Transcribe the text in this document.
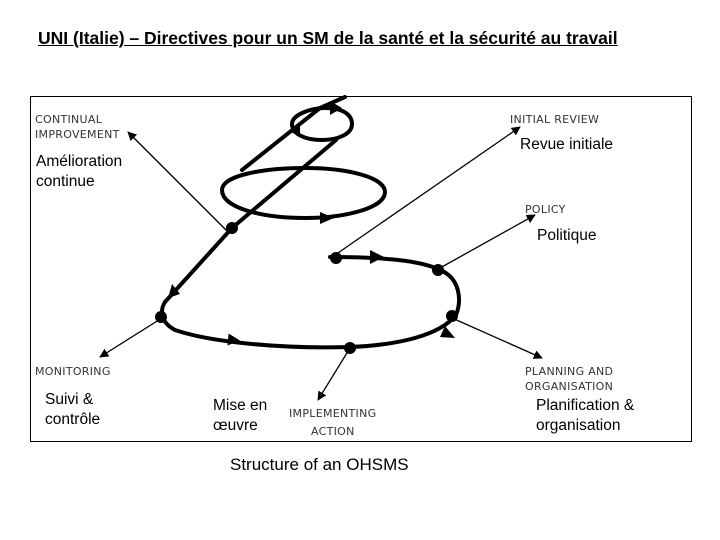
UNI (Italie) – Directives pour un SM de la santé et la sécurité au travail
CONTINUAL
IMPROVEMENT
INITIAL REVIEW
POLICY
MONITORING
IMPLEMENTING
ACTION
PLANNING AND
ORGANISATION
Amélioration
continue
Revue initiale
Politique
Suivi &
contrôle
Mise en
œuvre
Planification &
organisation
Structure of an OHSMS
